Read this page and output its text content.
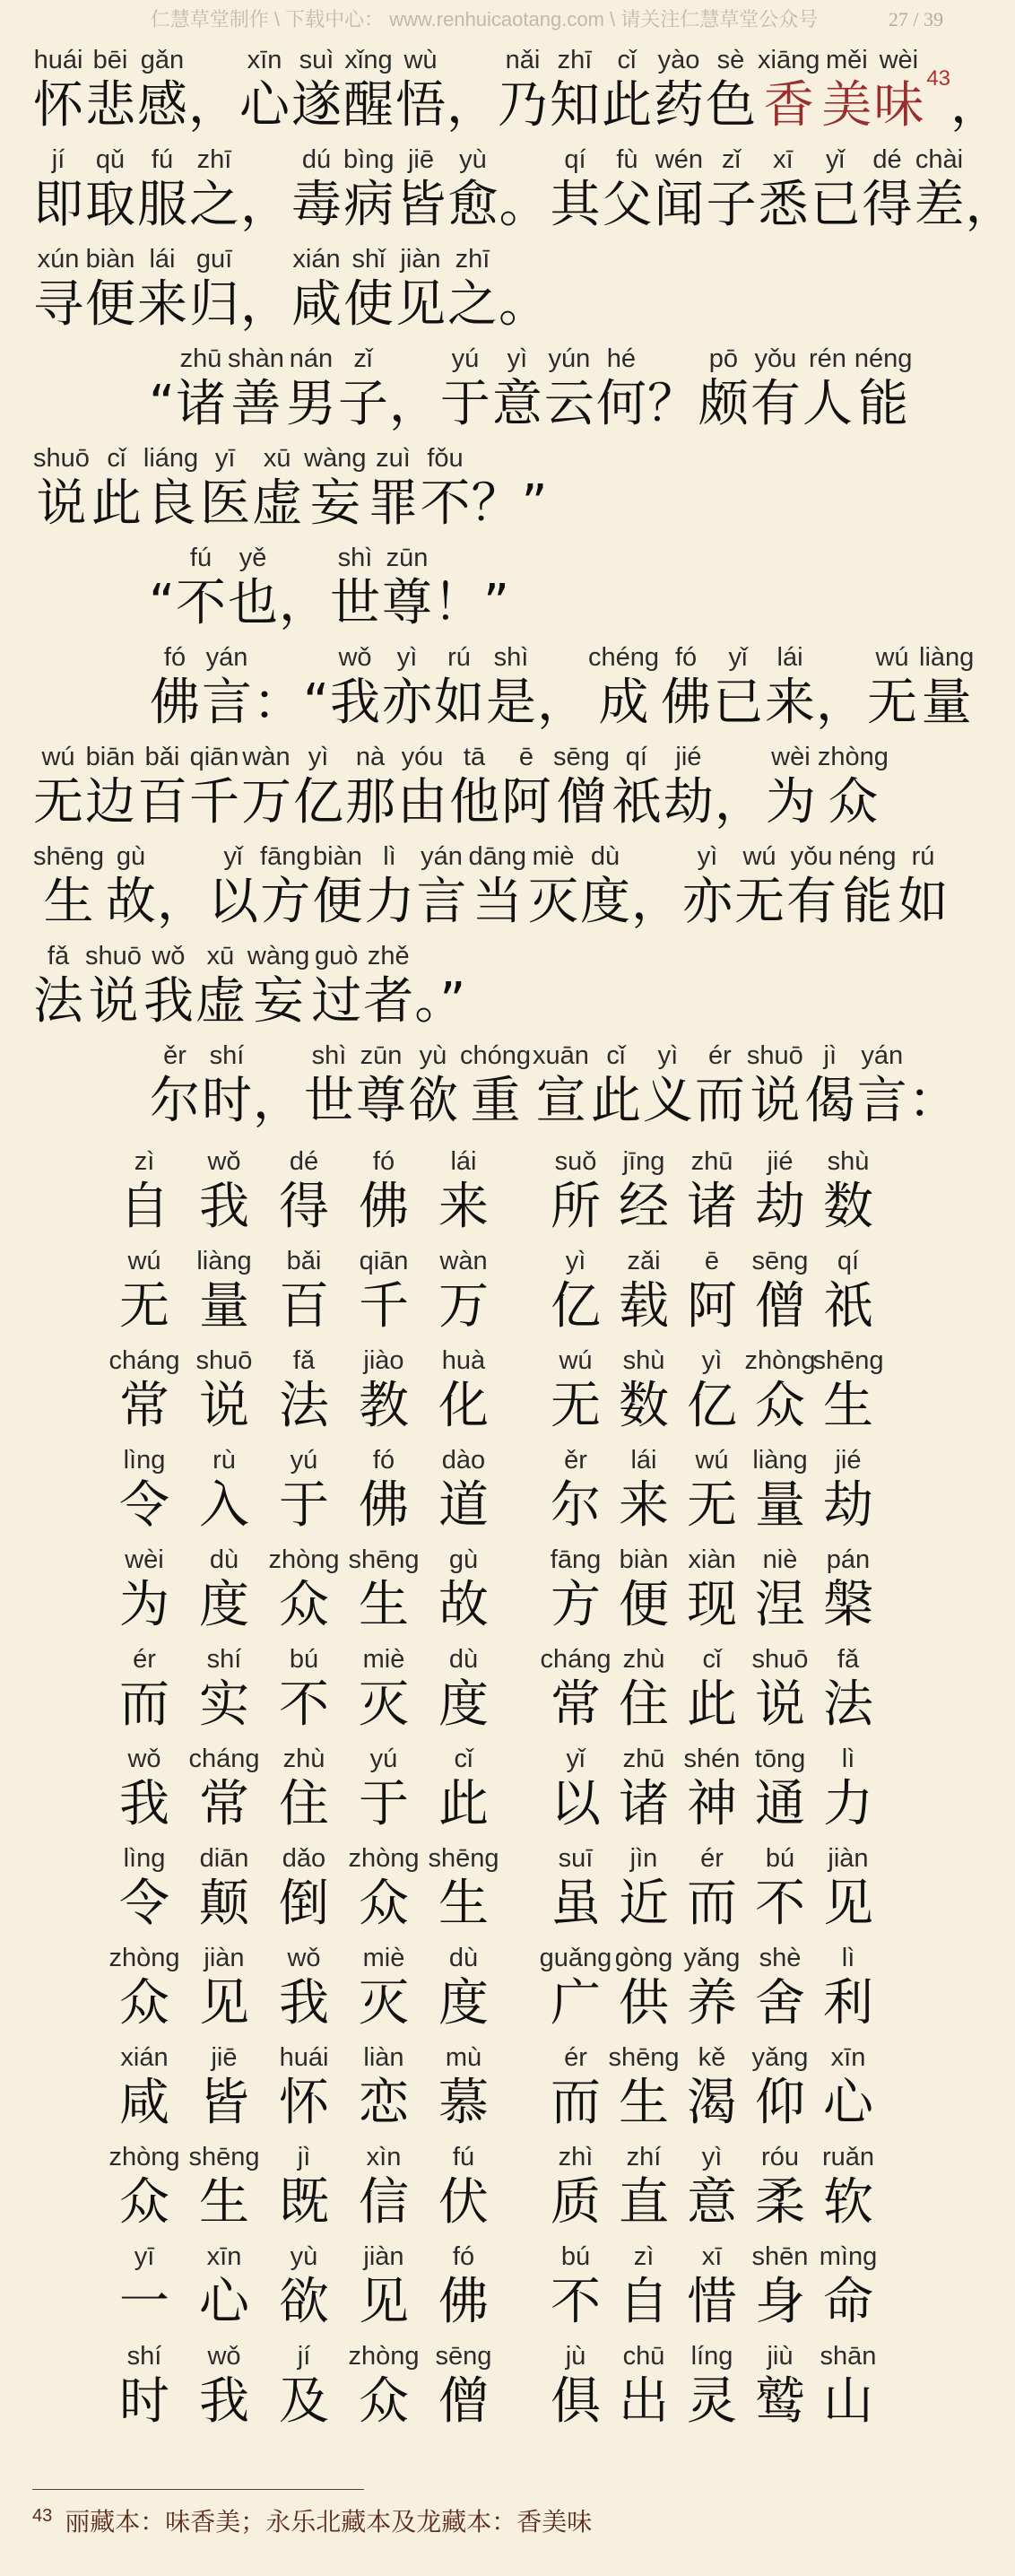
仁慧草堂制作 \ 下载中心： www.renhuicaotang.com \ 请关注仁慧草堂公众号	27 / 39
huái
怀
bēi
悲
gǎn
感 ，
xīn
心
suì
遂
xǐng
醒
wù
悟 ，
nǎi
乃
zhī
知
cǐ
此
yào
药
sè
色
xiāng
香
měi
美
wèi
味 43 ，
jí
即
qǔ
取
fú
服
zhī
之 ，
dú
毒
bìng
病
jiē
皆
yù
愈 。
qí
其
fù
父
wén
闻
zǐ
子
xī
悉
yǐ
已
dé
得
chài
差 ，
xún
寻
biàn
便
lái
来
guī
归 ，
xián
咸
shǐ
使
jiàn
见
zhī
之 。
“
zhū
诸
shàn
善
nán
男
zǐ
子 ，
yú
于
yì
意
yún
云
hé
何 ？
pō
颇
yǒu
有
rén
人
néng
能
shuō
说
cǐ
此
liáng
良
yī
医
xū
虚
wàng
妄
zuì
罪
fǒu
不 ？”
“
fú
不
yě
也 ，
shì
世
zūn
尊 ！”
fó
佛
yán
言 ： “
wǒ
我
yì
亦
rú
如
shì
是 ，
chéng
成
fó
佛
yǐ
已
lái
来 ，
wú
无
liàng
量
wú
无
biān
边
bǎi
百
qiān
千
wàn
万
yì
亿
nà
那
yóu
由
tā
他
ē
阿
sēng
僧
qí
祇
jié
劫 ，
wèi
为
zhòng
众
shēng
生
gù
故 ，
yǐ
以
fāng
方
biàn
便
lì
力
yán
言
dāng
当
miè
灭
dù
度 ，
yì
亦
wú
无
yǒu
有
néng
能
rú
如
fǎ
法
shuō
说
wǒ
我
xū
虚
wàng
妄
guò
过
zhě
者 。”
ěr
尔
shí
时 ，
shì
世
zūn
尊
yù
欲
chóng
重
xuān
宣
cǐ
此
yì
义
ér
而
shuō
说
jì
偈
yán
言 ：
zì
自
wǒ
我
dé
得
fó
佛
lái
来
suǒ
所
jīng
经
zhū
诸
jié
劫
shù
数
wú
无
liàng
量
bǎi
百
qiān
千
wàn
万
yì
亿
zǎi
载
ē
阿
sēng
僧
qí
祇
cháng
常
shuō
说
fǎ
法
jiào
教
huà
化
wú
无
shù
数
yì
亿
zhòng
众
shēng
生
lìng
令
rù
入
yú
于
fó
佛
dào
道
ěr
尔
lái
来
wú
无
liàng
量
jié
劫
wèi
为
dù
度
zhòng
众
shēng
生
gù
故
fāng
方
biàn
便
xiàn
现
niè
涅
pán
槃
ér
而
shí
实
bú
不
miè
灭
dù
度
cháng
常
zhù
住
cǐ
此
shuō
说
fǎ
法
wǒ
我
cháng
常
zhù
住
yú
于
cǐ
此
yǐ
以
zhū
诸
shén
神
tōng
通
lì
力
lìng
令
diān
颠
dǎo
倒
zhòng
众
shēng
生
suī
虽
jìn
近
ér
而
bú
不
jiàn
见
zhòng
众
jiàn
见
wǒ
我
miè
灭
dù
度
guǎng
广
gòng
供
yǎng
养
shè
舍
lì
利
xián
咸
jiē
皆
huái
怀
liàn
恋
mù
慕
ér
而
shēng
生
kě
渴
yǎng
仰
xīn
心
zhòng
众
shēng
生
jì
既
xìn
信
fú
伏
zhì
质
zhí
直
yì
意
róu
柔
ruǎn
软
yī
一
xīn
心
yù
欲
jiàn
见
fó
佛
bú
不
zì
自
xī
惜
shēn
身
mìng
命
shí
时
wǒ
我
jí
及
zhòng
众
sēng
僧
jù
俱
chū
出
líng
灵
jiù
鹫
shān
山
$^{43}$ 丽藏本：味香美；永乐北藏本及龙藏本：香美味
